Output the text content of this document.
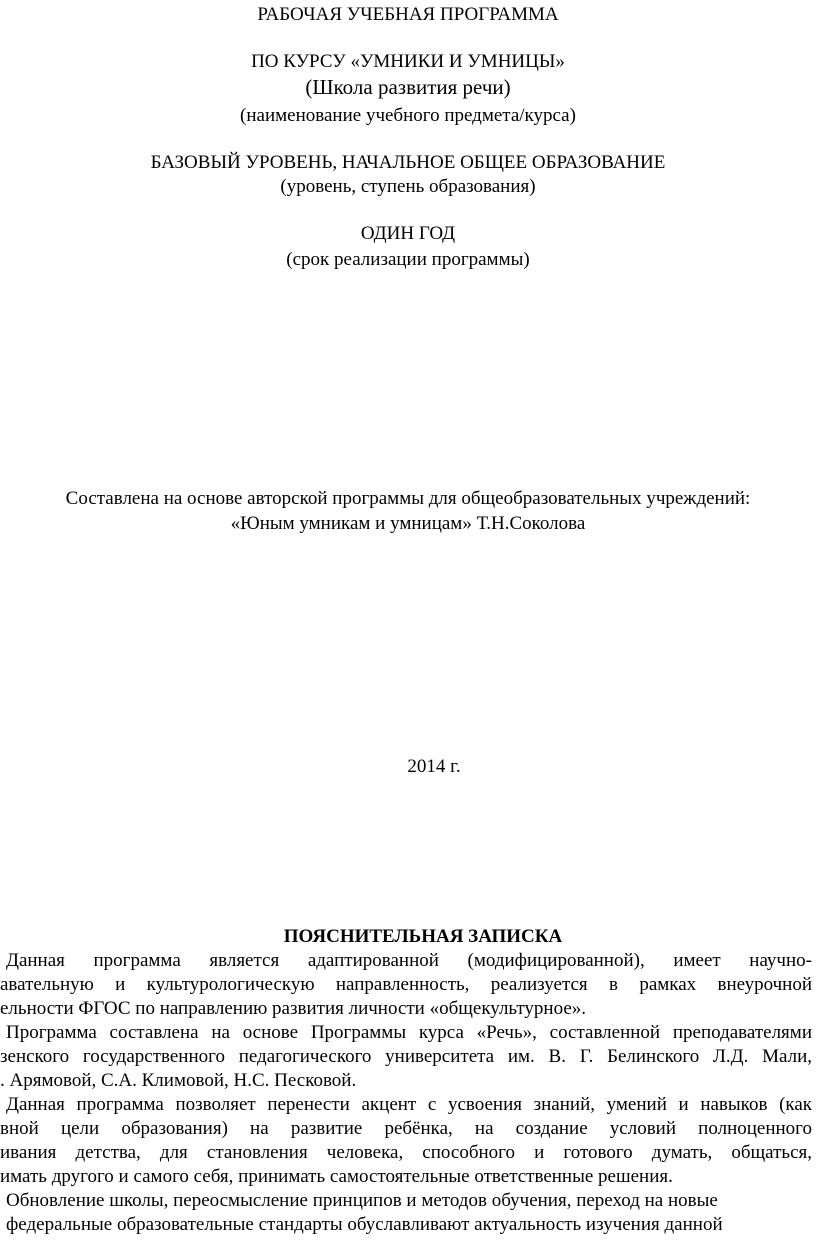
РАБОЧАЯ УЧЕБНАЯ ПРОГРАММА
ПО КУРСУ «УМНИКИ И УМНИЦЫ»
(Школа развития речи)
(наименование учебного предмета/курса)
БАЗОВЫЙ УРОВЕНЬ, НАЧАЛЬНОЕ ОБЩЕЕ ОБРАЗОВАНИЕ
(уровень, ступень образования)
ОДИН ГОД
(срок реализации программы)
Составлена на основе авторской программы для общеобразовательных учреждений:
«Юным умникам и умницам» Т.Н.Соколова
2014 г.
ПОЯСНИТЕЛЬНАЯ ЗАПИСКА
Данная программа является адаптированной (модифицированной), имеет научно-
авательную и культурологическую направленность, реализуется в рамках внеурочной
ельности ФГОС по направлению развития личности «общекультурное».
Программа составлена на основе Программы курса «Речь», составленной преподавателями
зенского государственного педагогического университета им. В. Г. Белинского Л.Д. Мали,
. Арямовой, С.А. Климовой, Н.С. Песковой.
Данная программа позволяет перенести акцент с усвоения знаний, умений и навыков (как
вной цели образования) на развитие ребёнка, на создание условий полноценного
ивания детства, для становления человека, способного и готового думать, общаться,
имать другого и самого себя, принимать самостоятельные ответственные решения.
Обновление школы, переосмысление принципов и методов обучения, переход на новые
федеральные образовательные стандарты обуславливают актуальность изучения данной
